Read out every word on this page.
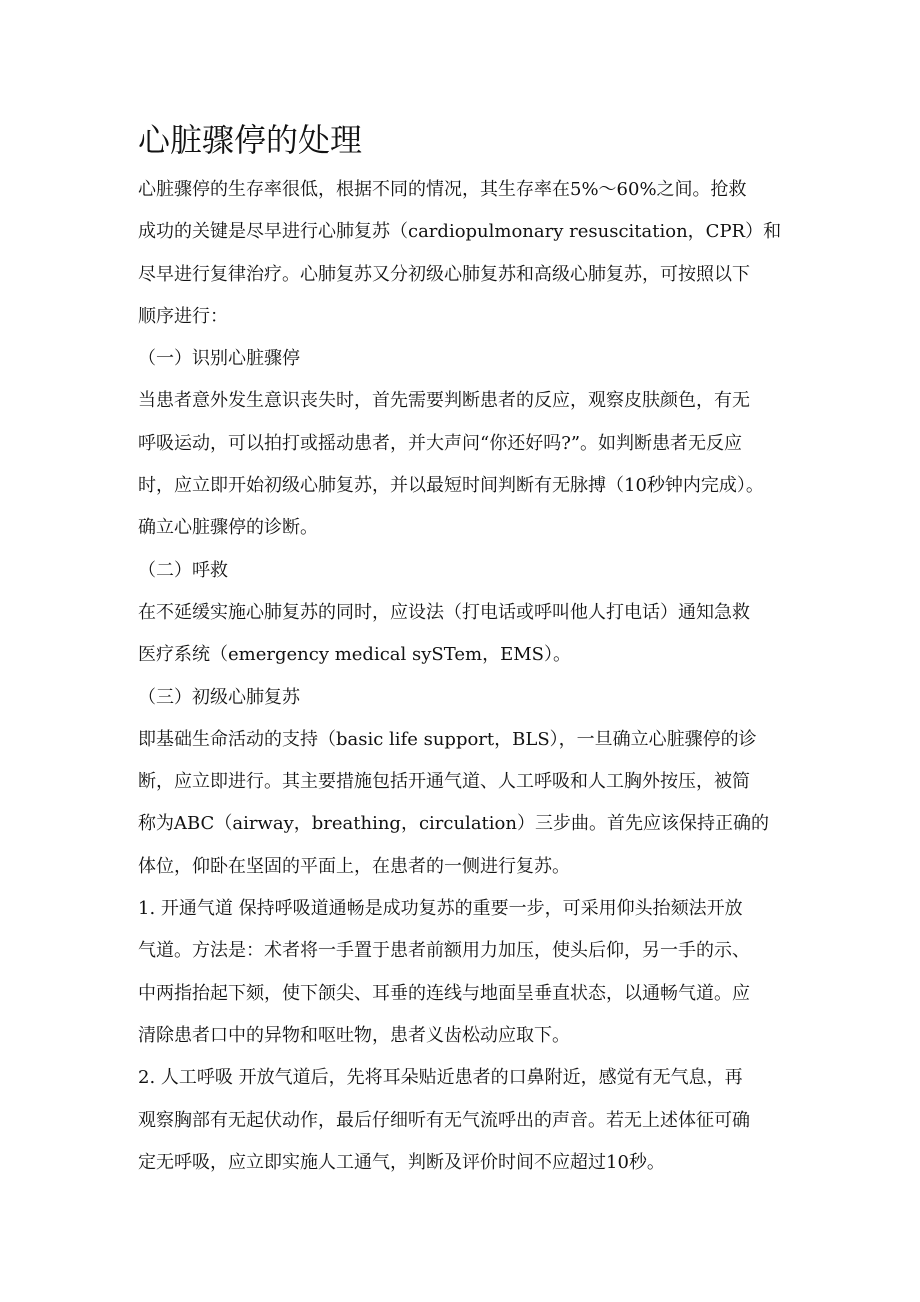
心脏骤停的处理
心脏骤停的生存率很低，根据不同的情况，其生存率在5%～60%之间。抢救
成功的关键是尽早进行心肺复苏（cardiopulmonary resuscitation，CPR）和
尽早进行复律治疗。心肺复苏又分初级心肺复苏和高级心肺复苏，可按照以下
顺序进行：
（一）识别心脏骤停
当患者意外发生意识丧失时，首先需要判断患者的反应，观察皮肤颜色，有无
呼吸运动，可以拍打或摇动患者，并大声问“你还好吗?”。如判断患者无反应
时，应立即开始初级心肺复苏，并以最短时间判断有无脉搏（10秒钟内完成）。
确立心脏骤停的诊断。
（二）呼救
在不延缓实施心肺复苏的同时，应设法（打电话或呼叫他人打电话）通知急救
医疗系统（emergency medical sySTem，EMS）。
（三）初级心肺复苏
即基础生命活动的支持（basic life support，BLS），一旦确立心脏骤停的诊
断，应立即进行。其主要措施包括开通气道、人工呼吸和人工胸外按压，被简
称为ABC（airway，breathing，circulation）三步曲。首先应该保持正确的
体位，仰卧在坚固的平面上，在患者的一侧进行复苏。
1. 开通气道 保持呼吸道通畅是成功复苏的重要一步，可采用仰头抬颏法开放
气道。方法是：术者将一手置于患者前额用力加压，使头后仰，另一手的示、
中两指抬起下颏，使下颌尖、耳垂的连线与地面呈垂直状态，以通畅气道。应
清除患者口中的异物和呕吐物，患者义齿松动应取下。
2. 人工呼吸 开放气道后，先将耳朵贴近患者的口鼻附近，感觉有无气息，再
观察胸部有无起伏动作，最后仔细听有无气流呼出的声音。若无上述体征可确
定无呼吸，应立即实施人工通气，判断及评价时间不应超过10秒。
